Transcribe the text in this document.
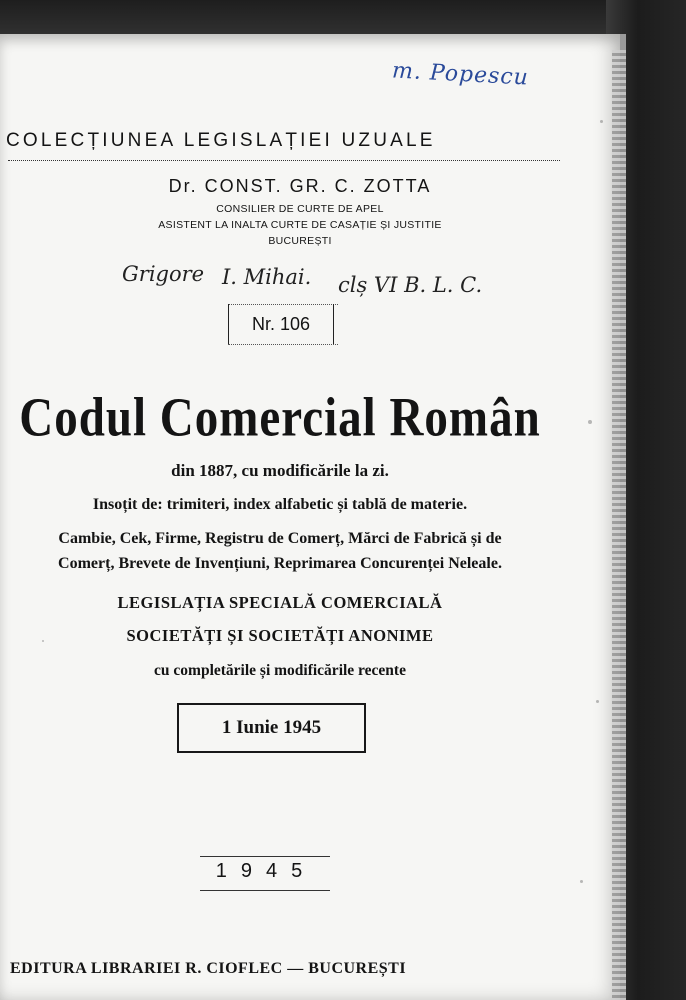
m. Popescu
COLECȚIUNEA LEGISLAȚIEI UZUALE
Dr. CONST. GR. C. ZOTTA
CONSILIER DE CURTE DE APEL
ASISTENT LA INALTA CURTE DE CASAȚIE ȘI JUSTITIE
BUCUREȘTI
Grigore I. Mihai. clș VI B. L. C.
Nr. 106
Codul Comercial Român
din 1887, cu modificările la zi.
Insoțit de: trimiteri, index alfabetic și tablă de materie.
Cambie, Cek, Firme, Registru de Comerț, Mărci de Fabrică și de
Comerț, Brevete de Invențiuni, Reprimarea Concurenței Neleale.
LEGISLAȚIA SPECIALĂ COMERCIALĂ
SOCIETĂȚI ȘI SOCIETĂȚI ANONIME
cu completările și modificările recente
1 Iunie 1945
1945
EDITURA LIBRARIEI R. CIOFLEC — BUCUREȘTI
